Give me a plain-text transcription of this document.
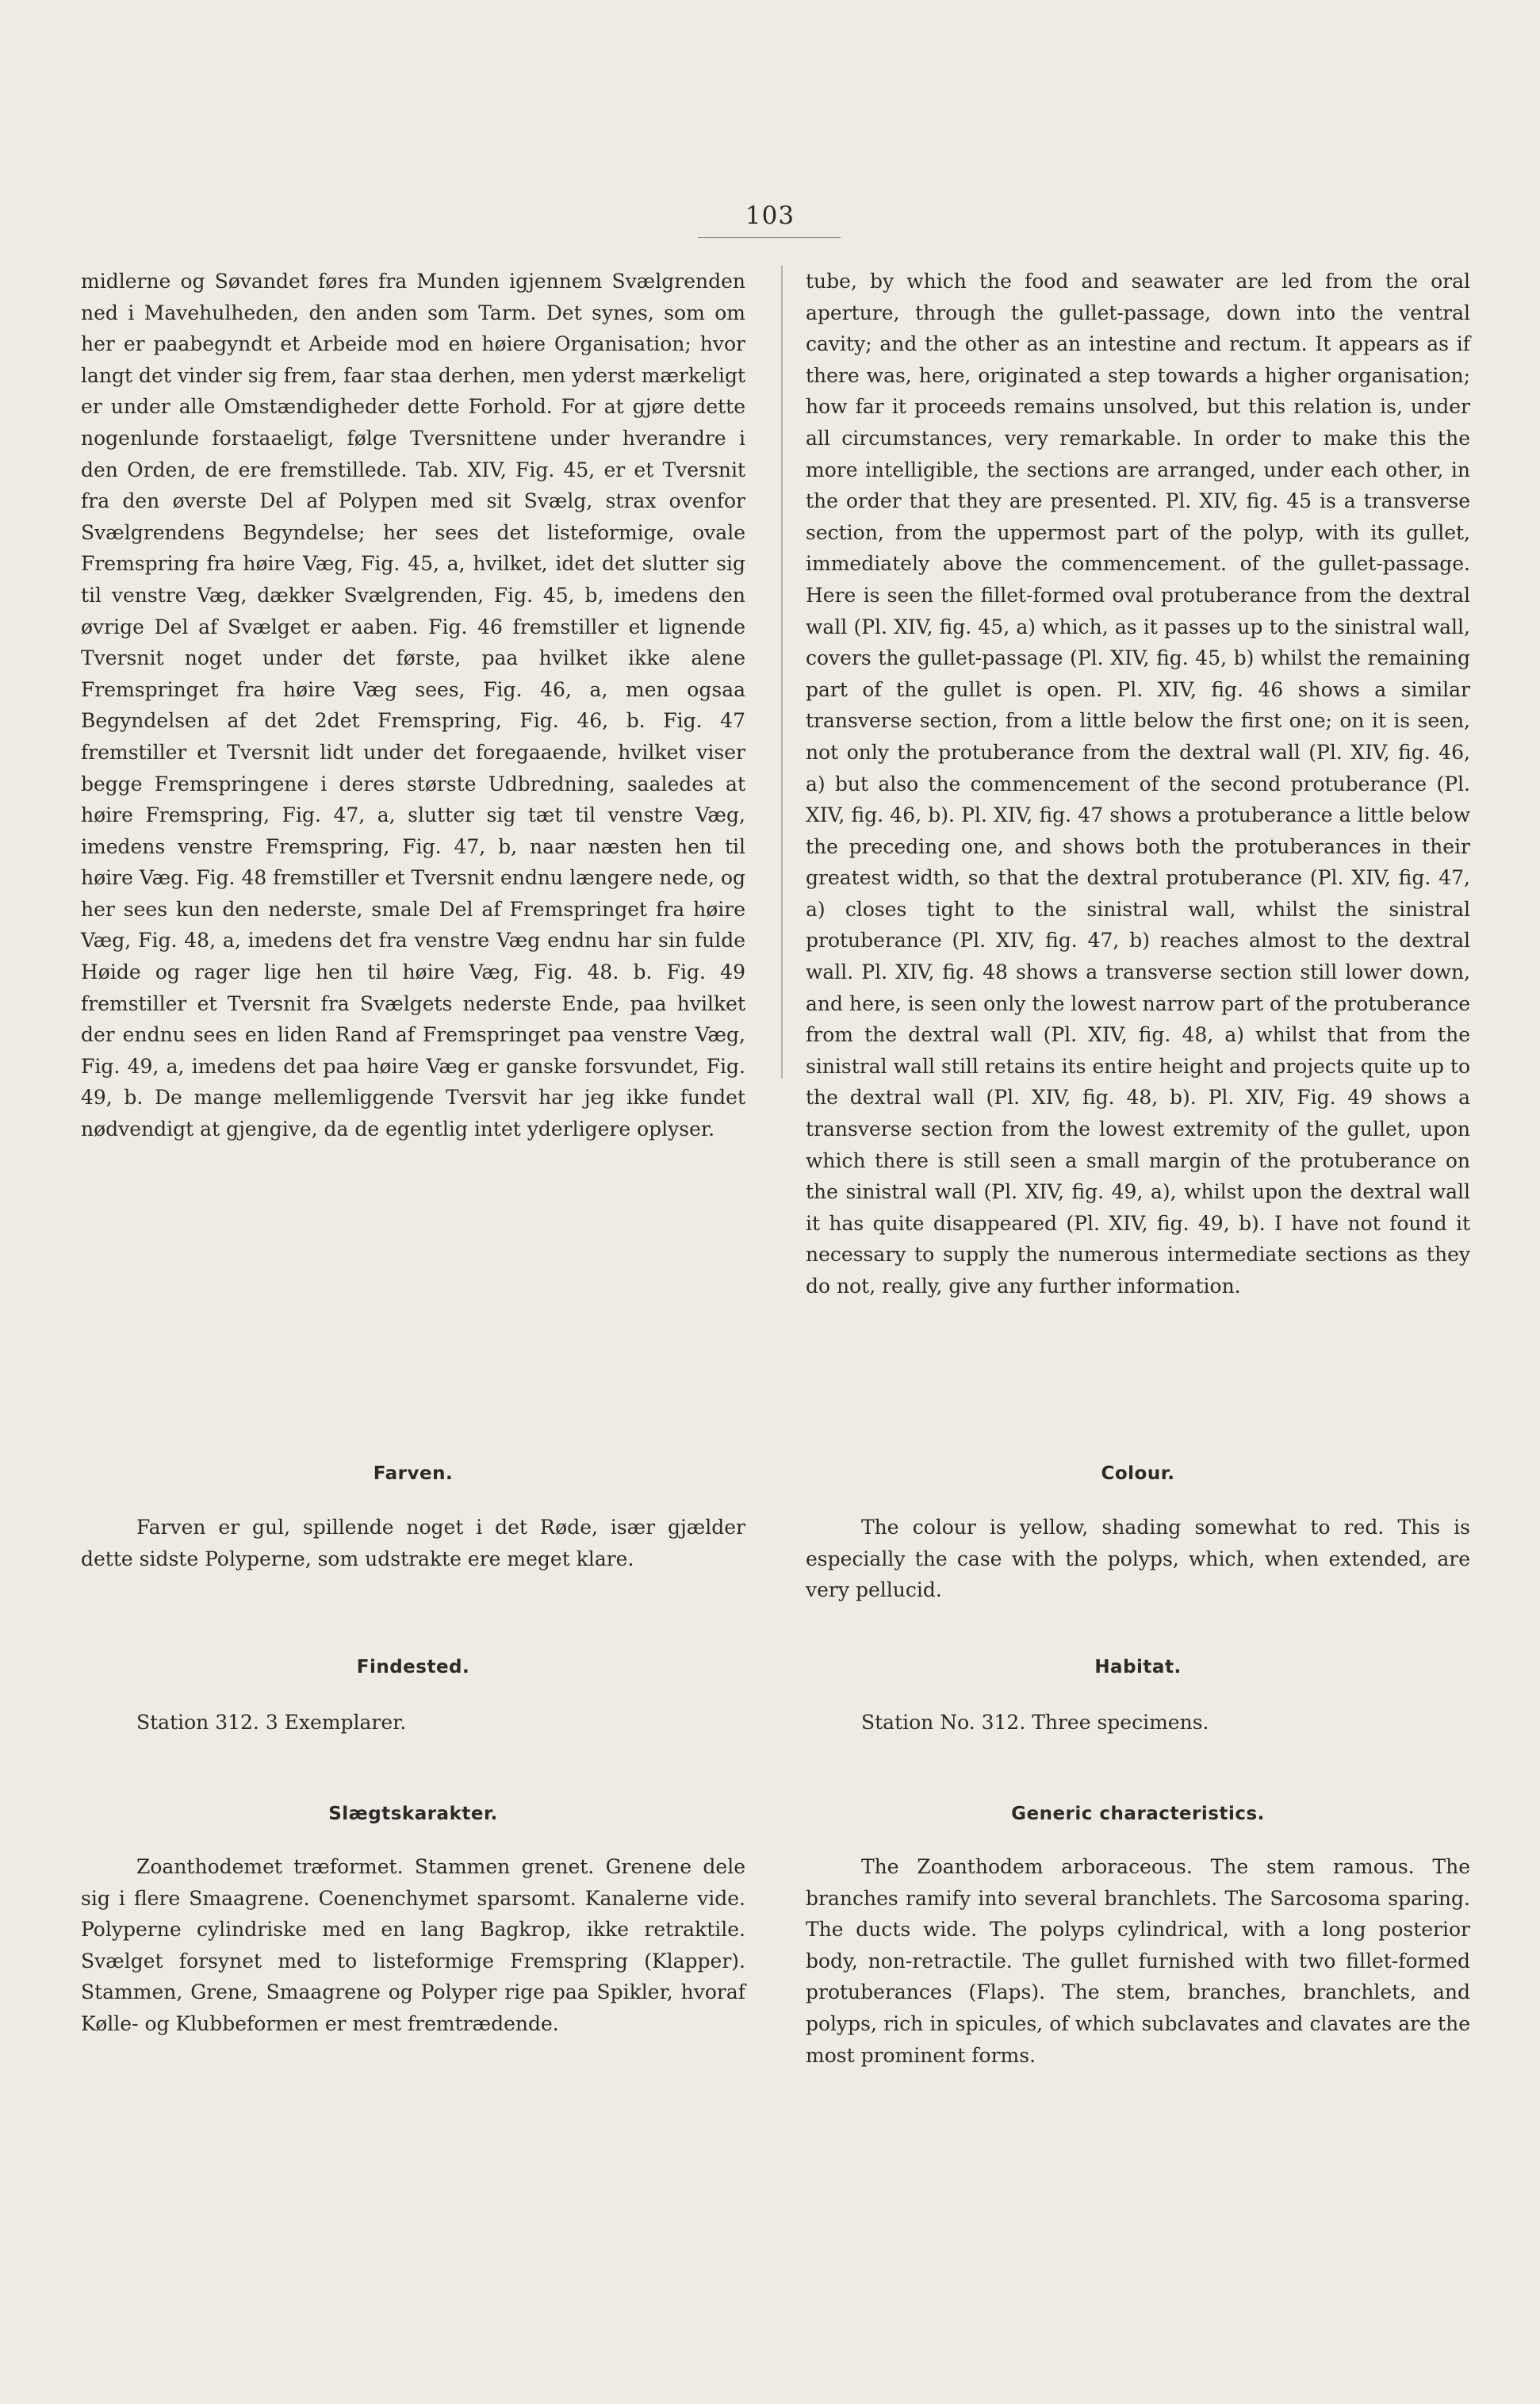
103
midlerne og Søvandet føres fra Munden igjennem Svælgrenden ned i Mavehulheden, den anden som Tarm. Det synes, som om her er paabegyndt et Arbeide mod en høiere Organisation; hvor langt det vinder sig frem, faar staa derhen, men yderst mærkeligt er under alle Omstændigheder dette Forhold. For at gjøre dette nogenlunde forstaaeligt, følge Tversnittene under hverandre i den Orden, de ere fremstillede. Tab. XIV, Fig. 45, er et Tversnit fra den øverste Del af Polypen med sit Svælg, strax ovenfor Svælgrendens Begyndelse; her sees det listeformige, ovale Fremspring fra høire Væg, Fig. 45, a, hvilket, idet det slutter sig til venstre Væg, dækker Svælgrenden, Fig. 45, b, imedens den øvrige Del af Svælget er aaben. Fig. 46 fremstiller et lignende Tversnit noget under det første, paa hvilket ikke alene Fremspringet fra høire Væg sees, Fig. 46, a, men ogsaa Begyndelsen af det 2det Fremspring, Fig. 46, b. Fig. 47 fremstiller et Tversnit lidt under det foregaaende, hvilket viser begge Fremspringene i deres største Udbredning, saaledes at høire Fremspring, Fig. 47, a, slutter sig tæt til venstre Væg, imedens venstre Fremspring, Fig. 47, b, naar næsten hen til høire Væg. Fig. 48 fremstiller et Tversnit endnu længere nede, og her sees kun den nederste, smale Del af Fremspringet fra høire Væg, Fig. 48, a, imedens det fra venstre Væg endnu har sin fulde Høide og rager lige hen til høire Væg, Fig. 48. b. Fig. 49 fremstiller et Tversnit fra Svælgets nederste Ende, paa hvilket der endnu sees en liden Rand af Fremspringet paa venstre Væg, Fig. 49, a, imedens det paa høire Væg er ganske forsvundet, Fig. 49, b. De mange mellemliggende Tversvit har jeg ikke fundet nødvendigt at gjengive, da de egentlig intet yderligere oplyser.
Farven.

Farven er gul, spillende noget i det Røde, især gjælder dette sidste Polyperne, som udstrakte ere meget klare.

Findested.

Station 312. 3 Exemplarer.

Slægtskarakter.

Zoanthodemet træformet. Stammen grenet. Grenene dele sig i flere Smaagrene. Coenenchymet sparsomt. Kanalerne vide. Polyperne cylindriske med en lang Bagkrop, ikke retraktile. Svælget forsynet med to listeformige Fremspring (Klapper). Stammen, Grene, Smaagrene og Polyper rige paa Spikler, hvoraf Kølle- og Klubbeformen er mest fremtrædende.

tube, by which the food and seawater are led from the oral aperture, through the gullet-passage, down into the ventral cavity; and the other as an intestine and rectum. It appears as if there was, here, originated a step towards a higher organisation; how far it proceeds remains unsolved, but this relation is, under all circumstances, very remarkable. In order to make this the more intelligible, the sections are arranged, under each other, in the order that they are presented. Pl. XIV, fig. 45 is a transverse section, from the uppermost part of the polyp, with its gullet, immediately above the commencement. of the gullet-passage. Here is seen the fillet-formed oval protuberance from the dextral wall (Pl. XIV, fig. 45, a) which, as it passes up to the sinistral wall, covers the gullet-passage (Pl. XIV, fig. 45, b) whilst the remaining part of the gullet is open. Pl. XIV, fig. 46 shows a similar transverse section, from a little below the first one; on it is seen, not only the protuberance from the dextral wall (Pl. XIV, fig. 46, a) but also the commencement of the second protuberance (Pl. XIV, fig. 46, b). Pl. XIV, fig. 47 shows a protuberance a little below the preceding one, and shows both the protuberances in their greatest width, so that the dextral protuberance (Pl. XIV, fig. 47, a) closes tight to the sinistral wall, whilst the sinistral protuberance (Pl. XIV, fig. 47, b) reaches almost to the dextral wall. Pl. XIV, fig. 48 shows a transverse section still lower down, and here, is seen only the lowest narrow part of the protuberance from the dextral wall (Pl. XIV, fig. 48, a) whilst that from the sinistral wall still retains its entire height and projects quite up to the dextral wall (Pl. XIV, fig. 48, b). Pl. XIV, Fig. 49 shows a transverse section from the lowest extremity of the gullet, upon which there is still seen a small margin of the protuberance on the sinistral wall (Pl. XIV, fig. 49, a), whilst upon the dextral wall it has quite disappeared (Pl. XIV, fig. 49, b). I have not found it necessary to supply the numerous intermediate sections as they do not, really, give any further information.
Colour.

The colour is yellow, shading somewhat to red. This is especially the case with the polyps, which, when extended, are very pellucid.

Habitat.

Station No. 312. Three specimens.

Generic characteristics.

The Zoanthodem arboraceous. The stem ramous. The branches ramify into several branchlets. The Sarcosoma sparing. The ducts wide. The polyps cylindrical, with a long posterior body, non-retractile. The gullet furnished with two fillet-formed protuberances (Flaps). The stem, branches, branchlets, and polyps, rich in spicules, of which subclavates and clavates are the most prominent forms.
